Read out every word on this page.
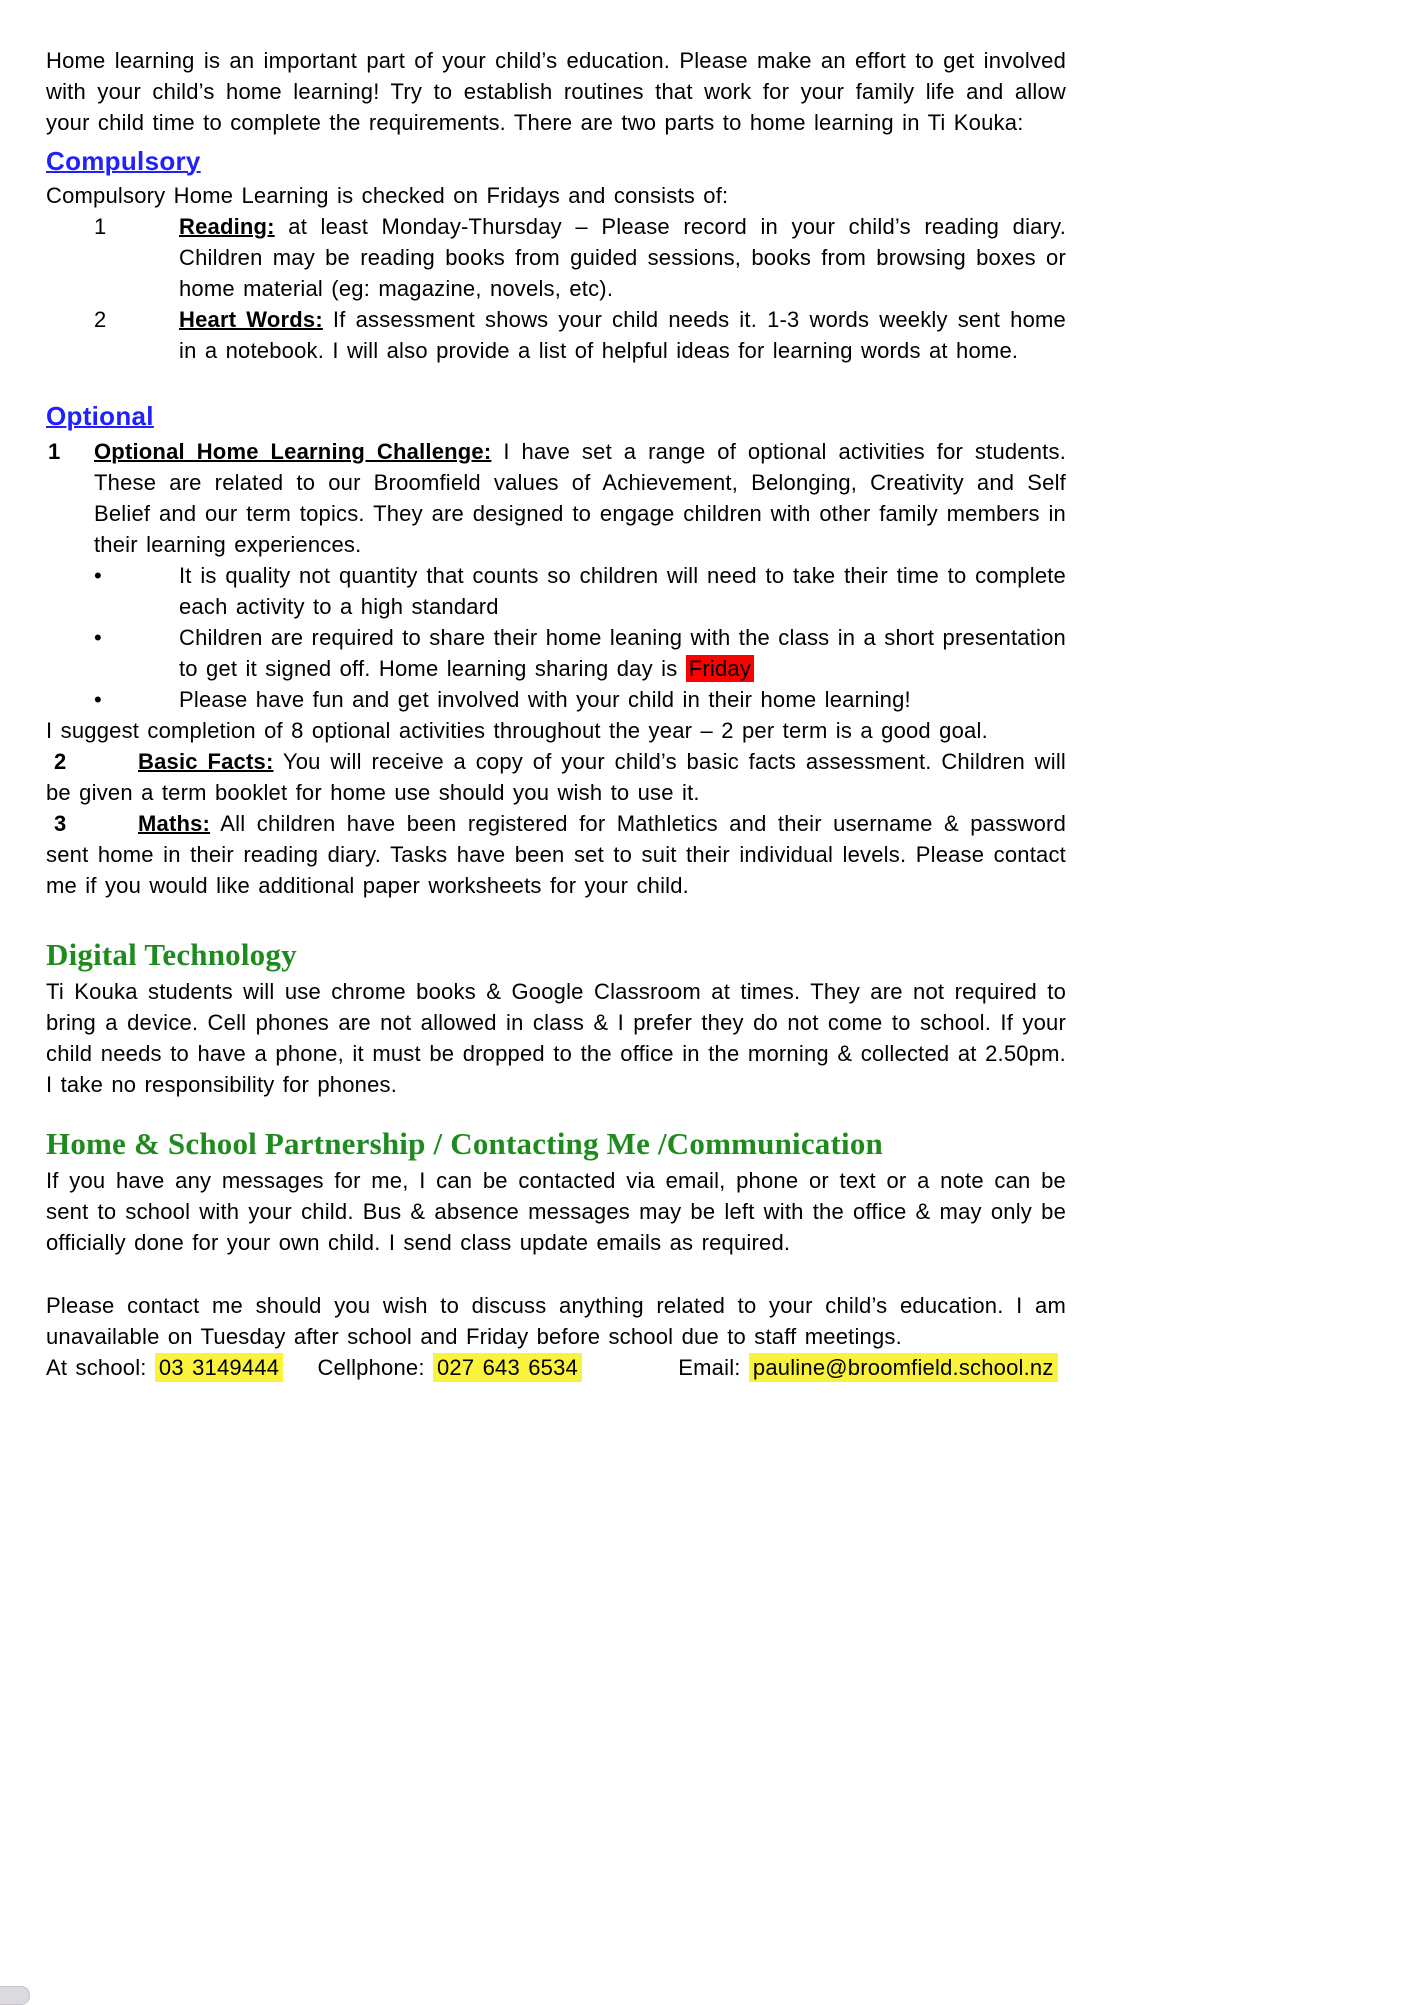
Home learning is an important part of your child’s education. Please make an effort to get involved with your child’s home learning! Try to establish routines that work for your family life and allow your child time to complete the requirements. There are two parts to home learning in Ti Kouka:

Compulsory

Compulsory Home Learning is checked on Fridays and consists of:

1	Reading: at least Monday-Thursday – Please record in your child’s reading diary. Children may be reading books from guided sessions, books from browsing boxes or home material (eg: magazine, novels, etc).
2	Heart Words: If assessment shows your child needs it. 1-3 words weekly sent home in a notebook. I will also provide a list of helpful ideas for learning words at home.
Optional
1 Optional Home Learning Challenge: I have set a range of optional activities for students. These are related to our Broomfield values of Achievement, Belonging, Creativity and Self Belief and our term topics. They are designed to engage children with other family members in their learning experiences.
•	It is quality not quantity that counts so children will need to take their time to complete each activity to a high standard
•	Children are required to share their home leaning with the class in a short presentation to get it signed off. Home learning sharing day is Friday
•	Please have fun and get involved with your child in their home learning!

I suggest completion of 8 optional activities throughout the year – 2 per term is a good goal.

2	Basic Facts: You will receive a copy of your child’s basic facts assessment. Children will be given a term booklet for home use should you wish to use it.

3	Maths: All children have been registered for Mathletics and their username & password sent home in their reading diary. Tasks have been set to suit their individual levels. Please contact me if you would like additional paper worksheets for your child.

Digital Technology

Ti Kouka students will use chrome books & Google Classroom at times. They are not required to bring a device. Cell phones are not allowed in class & I prefer they do not come to school. If your child needs to have a phone, it must be dropped to the office in the morning & collected at 2.50pm. I take no responsibility for phones.

Home & School Partnership / Contacting Me /Communication

If you have any messages for me, I can be contacted via email, phone or text or a note can be sent to school with your child. Bus & absence messages may be left with the office & may only be officially done for your own child. I send class update emails as required.

Please contact me should you wish to discuss anything related to your child’s education. I am unavailable on Tuesday after school and Friday before school due to staff meetings.

At school: 03 3149444 Cellphone: 027 643 6534	Email: pauline@broomfield.school.nz
